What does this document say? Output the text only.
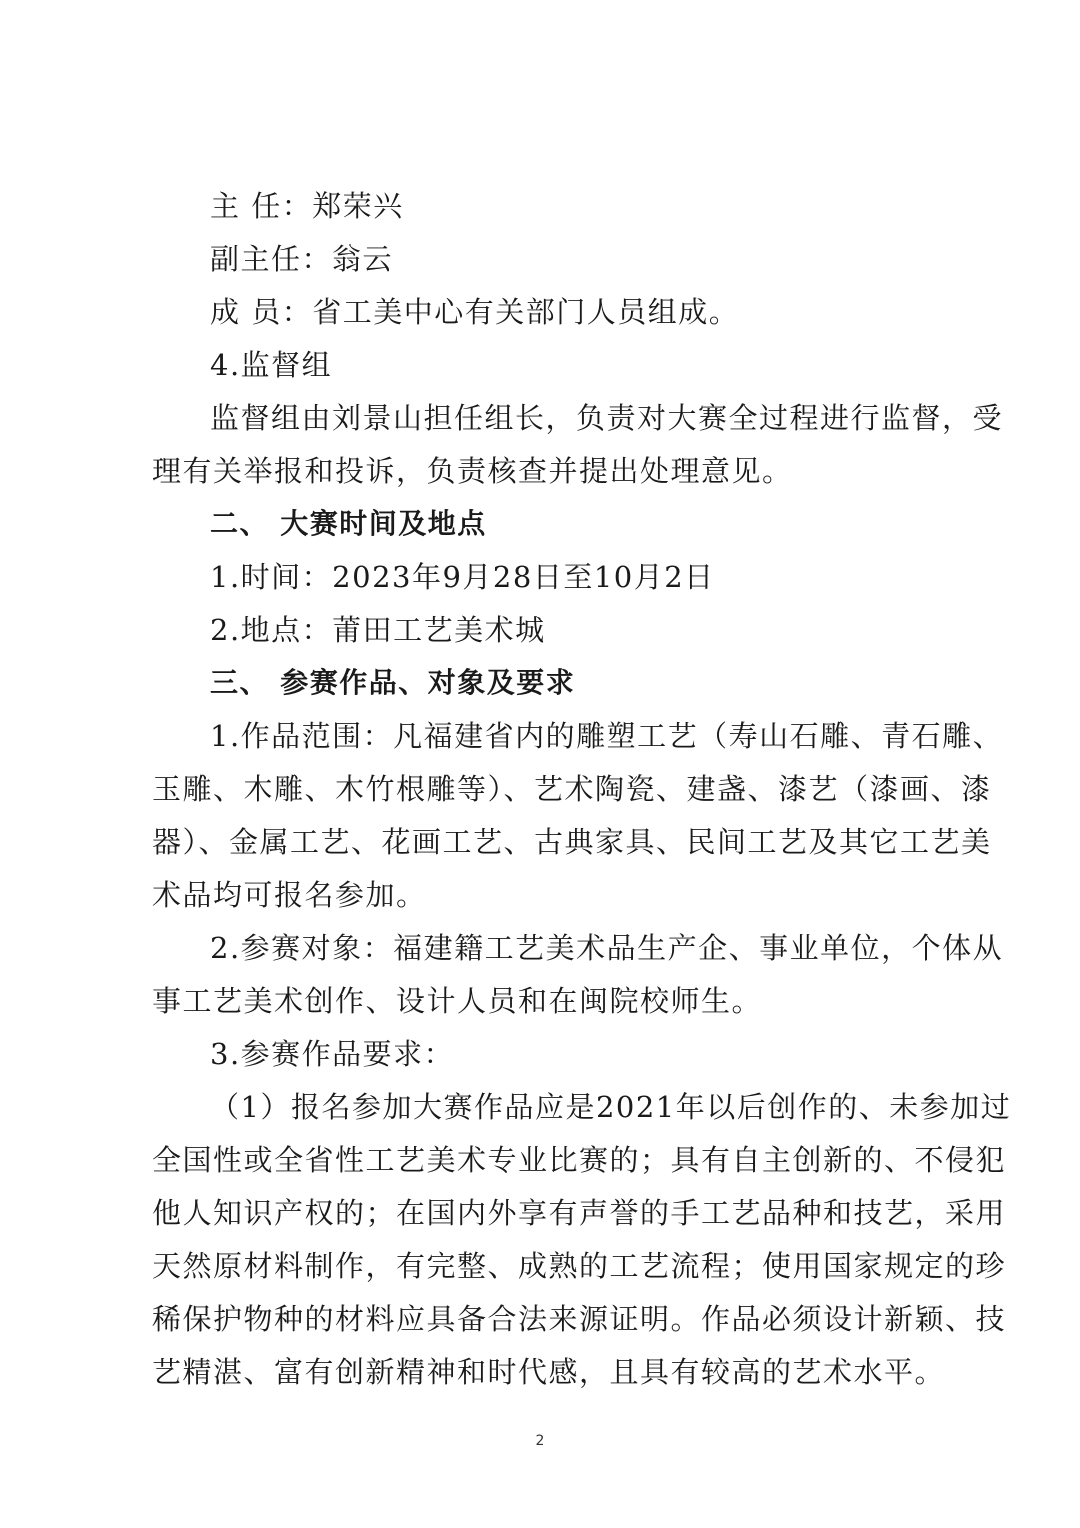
主 任：郑荣兴
副主任：翁云
成 员：省工美中心有关部门人员组成。
4.监督组
监督组由刘景山担任组长，负责对大赛全过程进行监督，受
理有关举报和投诉，负责核查并提出处理意见。
二、 大赛时间及地点
1.时间：2023年9月28日至10月2日
2.地点：莆田工艺美术城
三、 参赛作品、对象及要求
1.作品范围：凡福建省内的雕塑工艺（寿山石雕、青石雕、
玉雕、木雕、木竹根雕等）、艺术陶瓷、建盏、漆艺（漆画、漆
器）、金属工艺、花画工艺、古典家具、民间工艺及其它工艺美
术品均可报名参加。
2.参赛对象：福建籍工艺美术品生产企、事业单位，个体从
事工艺美术创作、设计人员和在闽院校师生。
3.参赛作品要求：
（1）报名参加大赛作品应是2021年以后创作的、未参加过
全国性或全省性工艺美术专业比赛的；具有自主创新的、不侵犯
他人知识产权的；在国内外享有声誉的手工艺品种和技艺，采用
天然原材料制作，有完整、成熟的工艺流程；使用国家规定的珍
稀保护物种的材料应具备合法来源证明。作品必须设计新颖、技
艺精湛、富有创新精神和时代感，且具有较高的艺术水平。
2
